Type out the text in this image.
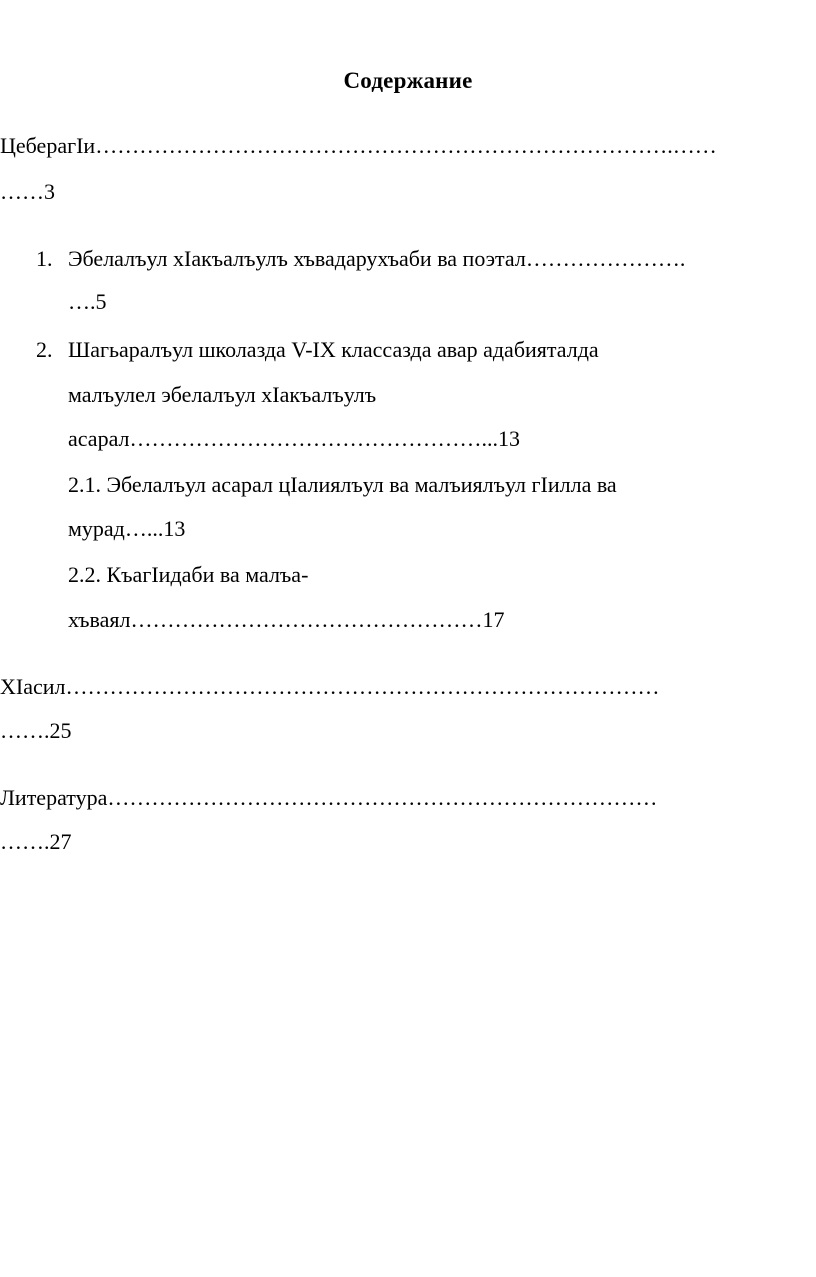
Содержание
ЦеберагIи…………………………………………………………………….……
……3
1. Эбелалъул хIакъалъулъ хъвадарухъаби ва поэтал………………….
….5
2. Шагьаралъул школазда V-IX классазда авар адабияталда
малъулел эбелалъул хIакъалъулъ
асарал…………………………………………...13
2.1. Эбелалъул асарал цIалиялъул ва малъиялъул гIилла ва
мурад…...13
2.2. КъагIидаби ва малъа-
хъваял…………………………………………17
ХIасил………………………………………………………………………
…….25
Литература…………………………………………………………………
…….27
